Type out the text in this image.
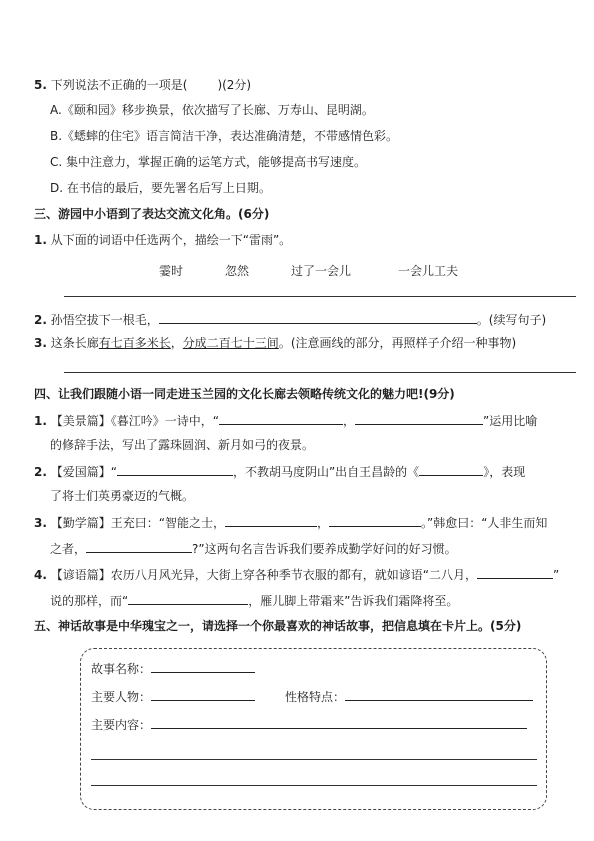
5. 下列说法不正确的一项是(	)(2分)
A.《颐和园》移步换景，依次描写了长廊、万寿山、昆明湖。
B.《蟋蟀的住宅》语言简洁干净，表达准确清楚，不带感情色彩。
C. 集中注意力，掌握正确的运笔方式，能够提高书写速度。
D. 在书信的最后，要先署名后写上日期。
三、游园中小语到了表达交流文化角。(6分)
1. 从下面的词语中任选两个，描绘一下“雷雨”。
霎时	忽然	过了一会儿	一会儿工夫
2. 孙悟空拔下一根毛，	。(续写句子)
3. 这条长廊有七百多米长，分成二百七十三间。(注意画线的部分，再照样子介绍一种事物)
四、让我们跟随小语一同走进玉兰园的文化长廊去领略传统文化的魅力吧!(9分)
1. 【美景篇】《暮江吟》一诗中，“	，	”运用比喻
的修辞手法，写出了露珠圆润、新月如弓的夜景。
2. 【爱国篇】“	，不教胡马度阴山”出自王昌龄的《	》，表现
了将士们英勇豪迈的气概。
3. 【勤学篇】王充曰：“智能之士，	，	。”韩愈曰：“人非生而知
之者，	?”这两句名言告诉我们要养成勤学好问的好习惯。
4. 【谚语篇】农历八月风光异，大街上穿各种季节衣服的都有，就如谚语“二八月，	”
说的那样，而“	，雁儿脚上带霜来”告诉我们霜降将至。
五、神话故事是中华瑰宝之一，请选择一个你最喜欢的神话故事，把信息填在卡片上。(5分)
故事名称：
主要人物：	性格特点：
主要内容：
